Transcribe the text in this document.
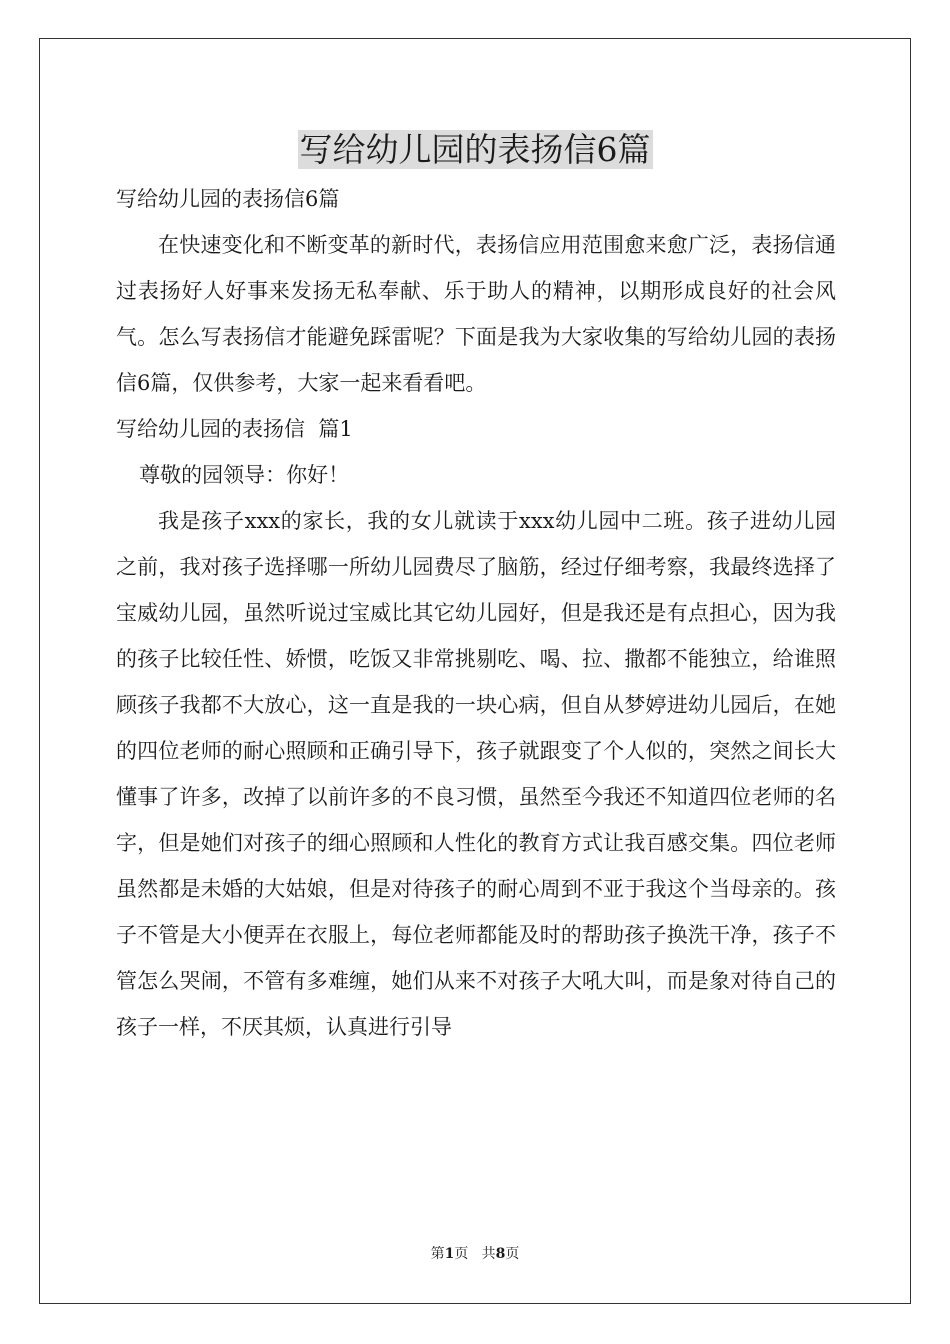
写给幼儿园的表扬信6篇

写给幼儿园的表扬信6篇

在快速变化和不断变革的新时代，表扬信应用范围愈来愈广泛，表扬信通过表扬好人好事来发扬无私奉献、乐于助人的精神，以期形成良好的社会风气。怎么写表扬信才能避免踩雷呢？下面是我为大家收集的写给幼儿园的表扬信6篇，仅供参考，大家一起来看看吧。

写给幼儿园的表扬信  篇1

尊敬的园领导：你好！

我是孩子xxx的家长，我的女儿就读于xxx幼儿园中二班。孩子进幼儿园之前，我对孩子选择哪一所幼儿园费尽了脑筋，经过仔细考察，我最终选择了宝威幼儿园，虽然听说过宝威比其它幼儿园好，但是我还是有点担心，因为我的孩子比较任性、娇惯，吃饭又非常挑剔吃、喝、拉、撒都不能独立，给谁照顾孩子我都不大放心，这一直是我的一块心病，但自从梦婷进幼儿园后，在她的四位老师的耐心照顾和正确引导下，孩子就跟变了个人似的，突然之间长大懂事了许多，改掉了以前许多的不良习惯，虽然至今我还不知道四位老师的名字，但是她们对孩子的细心照顾和人性化的教育方式让我百感交集。四位老师虽然都是未婚的大姑娘，但是对待孩子的耐心周到不亚于我这个当母亲的。孩子不管是大小便弄在衣服上，每位老师都能及时的帮助孩子换洗干净，孩子不管怎么哭闹，不管有多难缠，她们从来不对孩子大吼大叫，而是象对待自己的孩子一样，不厌其烦，认真进行引导

第1页   共8页
